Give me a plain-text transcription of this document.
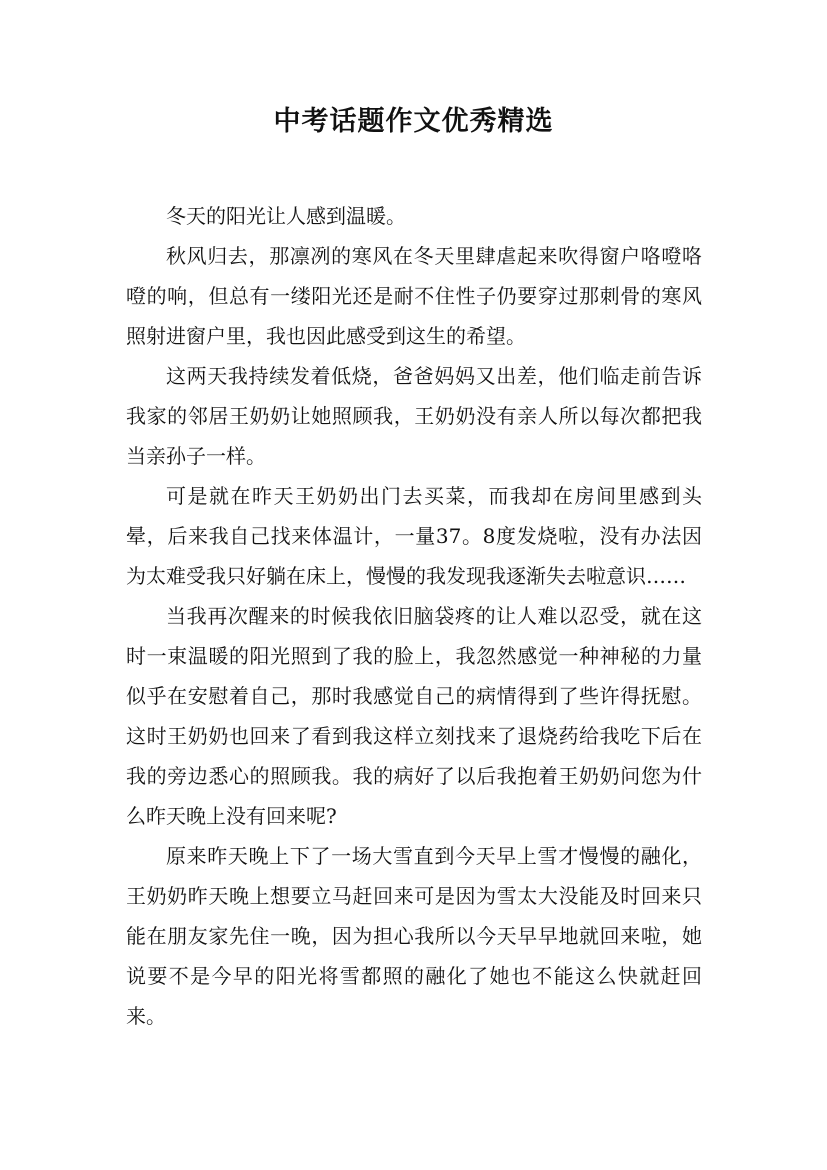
中考话题作文优秀精选

冬天的阳光让人感到温暖。

秋风归去，那凛冽的寒风在冬天里肆虐起来吹得窗户咯噔咯噔的响，但总有一缕阳光还是耐不住性子仍要穿过那刺骨的寒风照射进窗户里，我也因此感受到这生的希望。

这两天我持续发着低烧，爸爸妈妈又出差，他们临走前告诉我家的邻居王奶奶让她照顾我，王奶奶没有亲人所以每次都把我当亲孙子一样。

可是就在昨天王奶奶出门去买菜，而我却在房间里感到头晕，后来我自己找来体温计，一量37。8度发烧啦，没有办法因为太难受我只好躺在床上，慢慢的我发现我逐渐失去啦意识……

当我再次醒来的时候我依旧脑袋疼的让人难以忍受，就在这时一束温暖的阳光照到了我的脸上，我忽然感觉一种神秘的力量似乎在安慰着自己，那时我感觉自己的病情得到了些许得抚慰。这时王奶奶也回来了看到我这样立刻找来了退烧药给我吃下后在我的旁边悉心的照顾我。我的病好了以后我抱着王奶奶问您为什么昨天晚上没有回来呢?

原来昨天晚上下了一场大雪直到今天早上雪才慢慢的融化，王奶奶昨天晚上想要立马赶回来可是因为雪太大没能及时回来只能在朋友家先住一晚，因为担心我所以今天早早地就回来啦，她说要不是今早的阳光将雪都照的融化了她也不能这么快就赶回来。
